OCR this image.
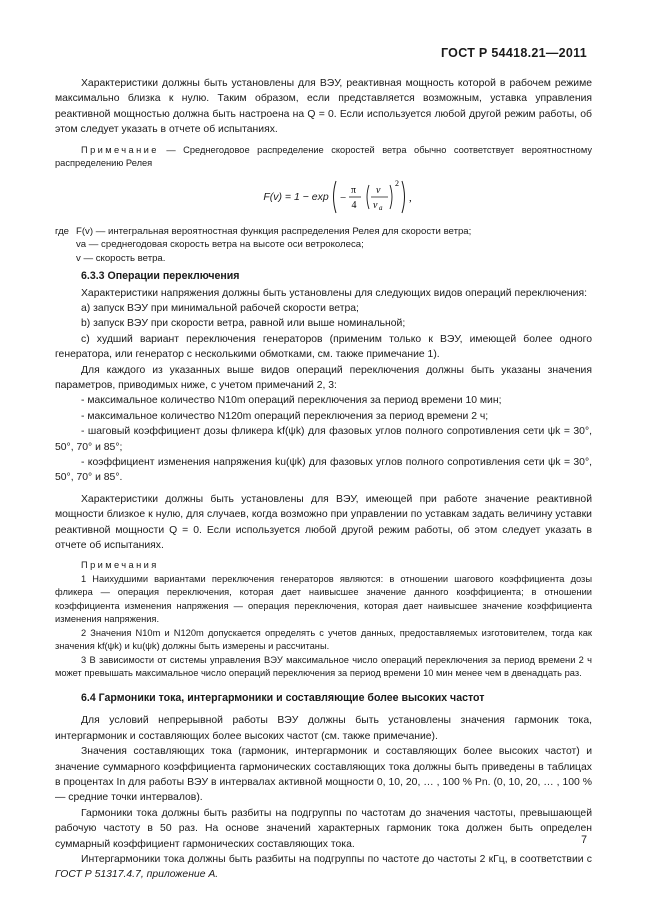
ГОСТ Р 54418.21—2011

Характеристики должны быть установлены для ВЭУ, реактивная мощность которой в рабочем режиме максимально близка к нулю. Таким образом, если представляется возможным, уставка управления реактивной мощностью должна быть настроена на Q = 0. Если используется любой другой режим работы, об этом следует указать в отчете об испытаниях.

Примечание — Среднегодовое распределение скоростей ветра обычно соответствует вероятностному распределению Релея

F(v) = 1 − exp −
π
4
v
v a
2
,
где F(v) — интегральная вероятностная функция распределения Релея для скорости ветра;
va — среднегодовая скорость ветра на высоте оси ветроколеса;
v — скорость ветра.
6.3.3 Операции переключения

Характеристики напряжения должны быть установлены для следующих видов операций переключения:

а) запуск ВЭУ при минимальной рабочей скорости ветра;

b) запуск ВЭУ при скорости ветра, равной или выше номинальной;

с) худший вариант переключения генераторов (применим только к ВЭУ, имеющей более одного генератора, или генератор с несколькими обмотками, см. также примечание 1).

Для каждого из указанных выше видов операций переключения должны быть указаны значения параметров, приводимых ниже, с учетом примечаний 2, 3:

- максимальное количество N10m операций переключения за период времени 10 мин;

- максимальное количество N120m операций переключения за период времени 2 ч;

- шаговый коэффициент дозы фликера kf(ψk) для фазовых углов полного сопротивления сети ψk = 30°, 50°, 70° и 85°;

- коэффициент изменения напряжения ku(ψk) для фазовых углов полного сопротивления сети ψk = 30°, 50°, 70° и 85°.

Характеристики должны быть установлены для ВЭУ, имеющей при работе значение реактивной мощности близкое к нулю, для случаев, когда возможно при управлении по уставкам задать величину уставки реактивной мощности Q = 0. Если используется любой другой режим работы, об этом следует указать в отчете об испытаниях.

Примечания

1 Наихудшими вариантами переключения генераторов являются: в отношении шагового коэффициента дозы фликера — операция переключения, которая дает наивысшее значение данного коэффициента; в отношении коэффициента изменения напряжения — операция переключения, которая дает наивысшее значение коэффициента изменения напряжения.

2 Значения N10m и N120m допускается определять с учетов данных, предоставляемых изготовителем, тогда как значения kf(ψk) и ku(ψk) должны быть измерены и рассчитаны.

3 В зависимости от системы управления ВЭУ максимальное число операций переключения за период времени 2 ч может превышать максимальное число операций переключения за период времени 10 мин менее чем в двенадцать раз.

6.4 Гармоники тока, интергармоники и составляющие более высоких частот

Для условий непрерывной работы ВЭУ должны быть установлены значения гармоник тока, интергармоник и составляющих более высоких частот (см. также примечание).

Значения составляющих тока (гармоник, интергармоник и составляющих более высоких частот) и значение суммарного коэффициента гармонических составляющих тока должны быть приведены в таблицах в процентах In для работы ВЭУ в интервалах активной мощности 0, 10, 20, … , 100 % Pn. (0, 10, 20, … , 100 % — средние точки интервалов).

Гармоники тока должны быть разбиты на подгруппы по частотам до значения частоты, превышающей рабочую частоту в 50 раз. На основе значений характерных гармоник тока должен быть определен суммарный коэффициент гармонических составляющих тока.

Интергармоники тока должны быть разбиты на подгруппы по частоте до частоты 2 кГц, в соответствии с ГОСТ Р 51317.4.7, приложение А.

7
